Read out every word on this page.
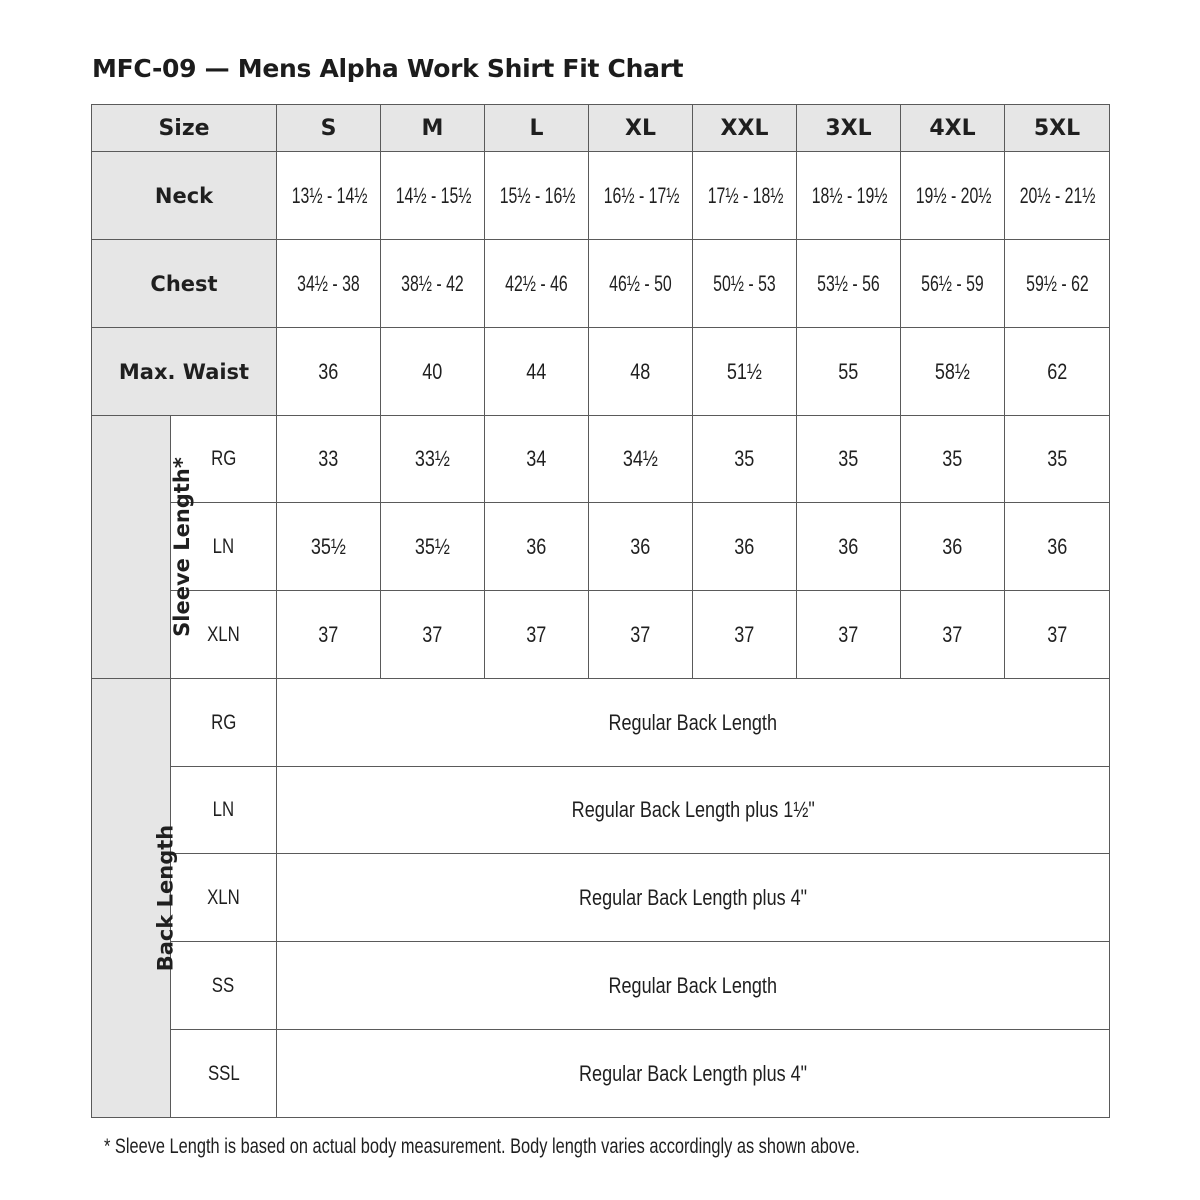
MFC-09 — Mens Alpha Work Shirt Fit Chart
Size		S	M	L	XL	XXL	3XL	4XL	5XL
Neck		13½ - 14½	14½ - 15½	15½ - 16½	16½ - 17½	17½ - 18½	18½ - 19½	19½ - 20½	20½ - 21½
Chest		34½ - 38	38½ - 42	42½ - 46	46½ - 50	50½ - 53	53½ - 56	56½ - 59	59½ - 62
Max. Waist		36	40	44	48	51½	55	58½	62
Sleeve Length*	RG	33	33½	34	34½	35	35	35	35
	LN	35½	35½	36	36	36	36	36	36
	XLN	37	37	37	37	37	37	37	37
Back Length	RG	Regular Back Length							
	LN	Regular Back Length plus 1½"							
	XLN	Regular Back Length plus 4"							
	SS	Regular Back Length							
	SSL	Regular Back Length plus 4"							
* Sleeve Length is based on actual body measurement. Body length varies accordingly as shown above.
